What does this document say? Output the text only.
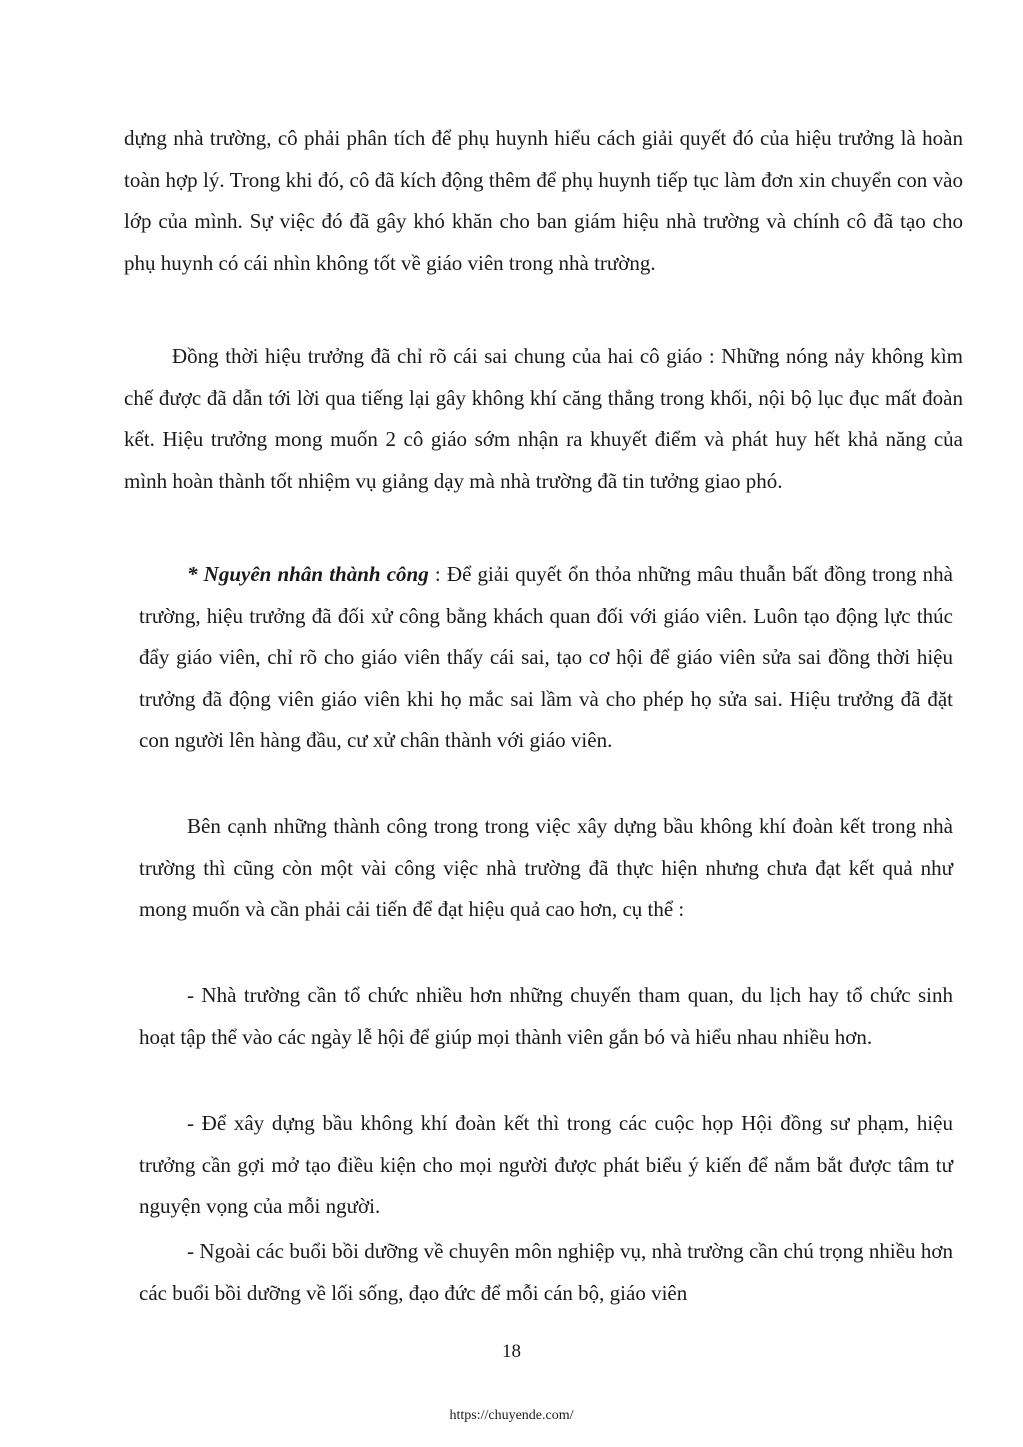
dựng nhà trường, cô phải phân tích để phụ huynh hiểu cách giải quyết đó của hiệu trưởng là hoàn toàn hợp lý. Trong khi đó, cô đã kích động thêm để phụ huynh tiếp tục làm đơn xin chuyển con vào lớp của mình. Sự việc đó đã gây khó khăn cho ban giám hiệu nhà trường và chính cô đã tạo cho phụ huynh có cái nhìn không tốt về giáo viên trong nhà trường.

Đồng thời hiệu trưởng đã chỉ rõ cái sai chung của hai cô giáo : Những nóng nảy không kìm chế được đã dẫn tới lời qua tiếng lại gây không khí căng thẳng trong khối, nội bộ lục đục mất đoàn kết. Hiệu trưởng mong muốn 2 cô giáo sớm nhận ra khuyết điểm và phát huy hết khả năng của mình hoàn thành tốt nhiệm vụ giảng dạy mà nhà trường đã tin tưởng giao phó.

* Nguyên nhân thành công : Để giải quyết ổn thỏa những mâu thuẫn bất đồng trong nhà trường, hiệu trưởng đã đối xử công bằng khách quan đối với giáo viên. Luôn tạo động lực thúc đẩy giáo viên, chỉ rõ cho giáo viên thấy cái sai, tạo cơ hội để giáo viên sửa sai đồng thời hiệu trưởng đã động viên giáo viên khi họ mắc sai lầm và cho phép họ sửa sai. Hiệu trưởng đã đặt con người lên hàng đầu, cư xử chân thành với giáo viên.

Bên cạnh những thành công trong trong việc xây dựng bầu không khí đoàn kết trong nhà trường thì cũng còn một vài công việc nhà trường đã thực hiện nhưng chưa đạt kết quả như mong muốn và cần phải cải tiến để đạt hiệu quả cao hơn, cụ thể :

- Nhà trường cần tổ chức nhiều hơn những chuyến tham quan, du lịch hay tổ chức sinh hoạt tập thể vào các ngày lễ hội để giúp mọi thành viên gắn bó và hiểu nhau nhiều hơn.

- Để xây dựng bầu không khí đoàn kết thì trong các cuộc họp Hội đồng sư phạm, hiệu trưởng cần gợi mở tạo điều kiện cho mọi người được phát biểu ý kiến để nắm bắt được tâm tư nguyện vọng của mỗi người.

- Ngoài các buổi bồi dưỡng về chuyên môn nghiệp vụ, nhà trường cần chú trọng nhiều hơn các buổi bồi dưỡng về lối sống, đạo đức để mỗi cán bộ, giáo viên

18
https://chuyende.com/
